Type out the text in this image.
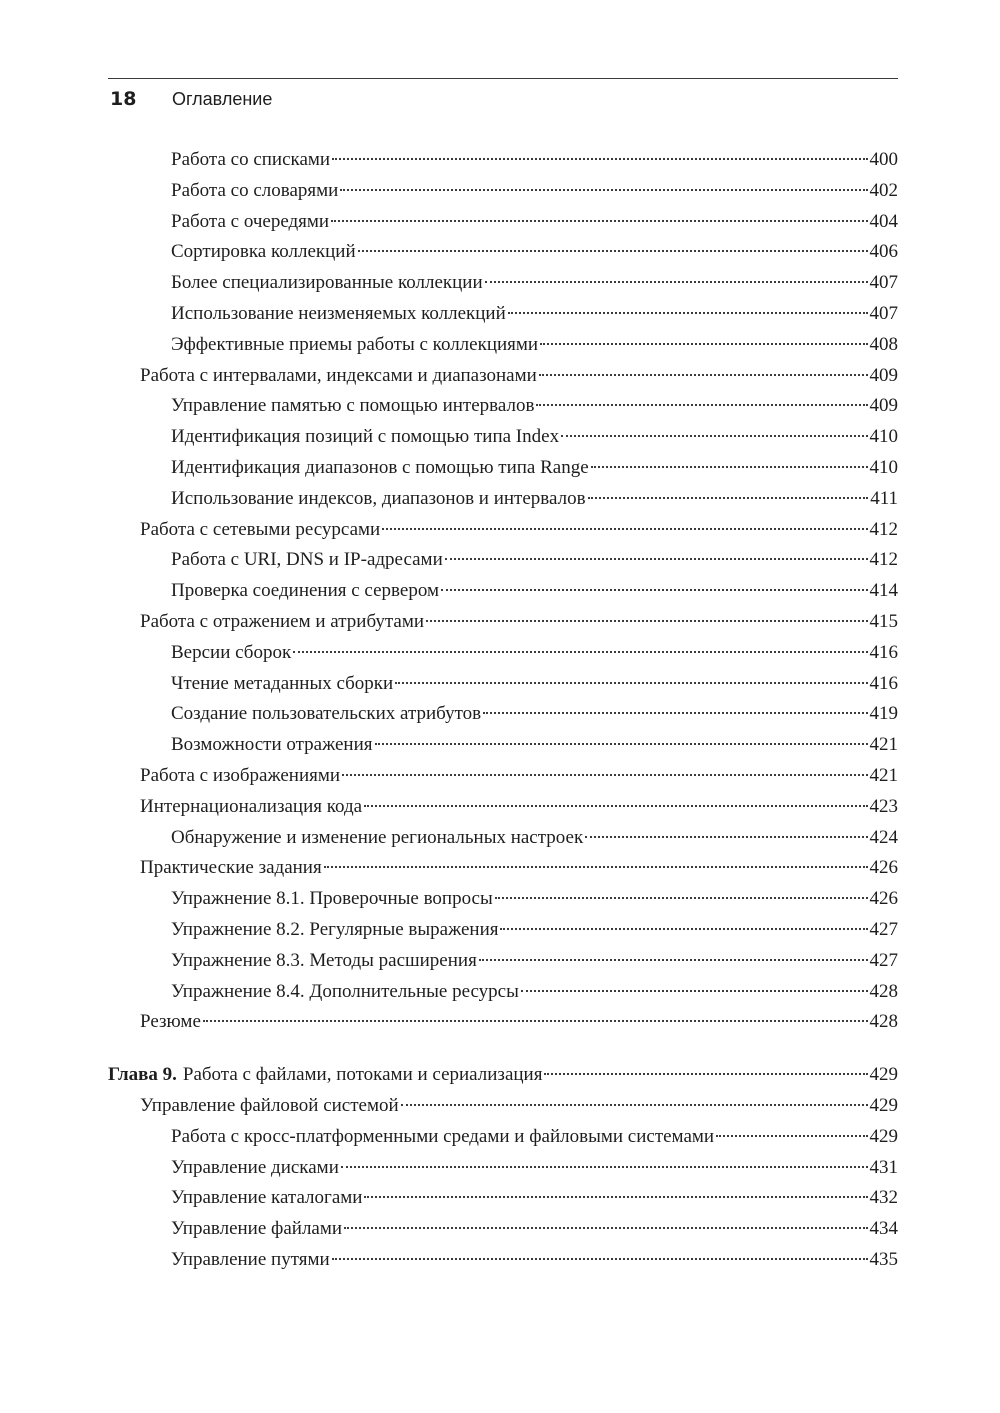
18 Оглавление
Работа со списками	400
Работа со словарями	402
Работа с очередями	404
Сортировка коллекций	406
Более специализированные коллекции	407
Использование неизменяемых коллекций	407
Эффективные приемы работы с коллекциями	408
Работа с интервалами, индексами и диапазонами	409
Управление памятью с помощью интервалов	409
Идентификация позиций с помощью типа Index	410
Идентификация диапазонов с помощью типа Range	410
Использование индексов, диапазонов и интервалов	411
Работа с сетевыми ресурсами	412
Работа с URI, DNS и IP-адресами	412
Проверка соединения с сервером	414
Работа с отражением и атрибутами	415
Версии сборок	416
Чтение метаданных сборки	416
Создание пользовательских атрибутов	419
Возможности отражения	421
Работа с изображениями	421
Интернационализация кода	423
Обнаружение и изменение региональных настроек	424
Практические задания	426
Упражнение 8.1. Проверочные вопросы	426
Упражнение 8.2. Регулярные выражения	427
Упражнение 8.3. Методы расширения	427
Упражнение 8.4. Дополнительные ресурсы	428
Резюме	428
Глава 9. Работа с файлами, потоками и сериализация	429
Управление файловой системой	429
Работа с кросс-платформенными средами и файловыми системами	429
Управление дисками	431
Управление каталогами	432
Управление файлами	434
Управление путями	435
